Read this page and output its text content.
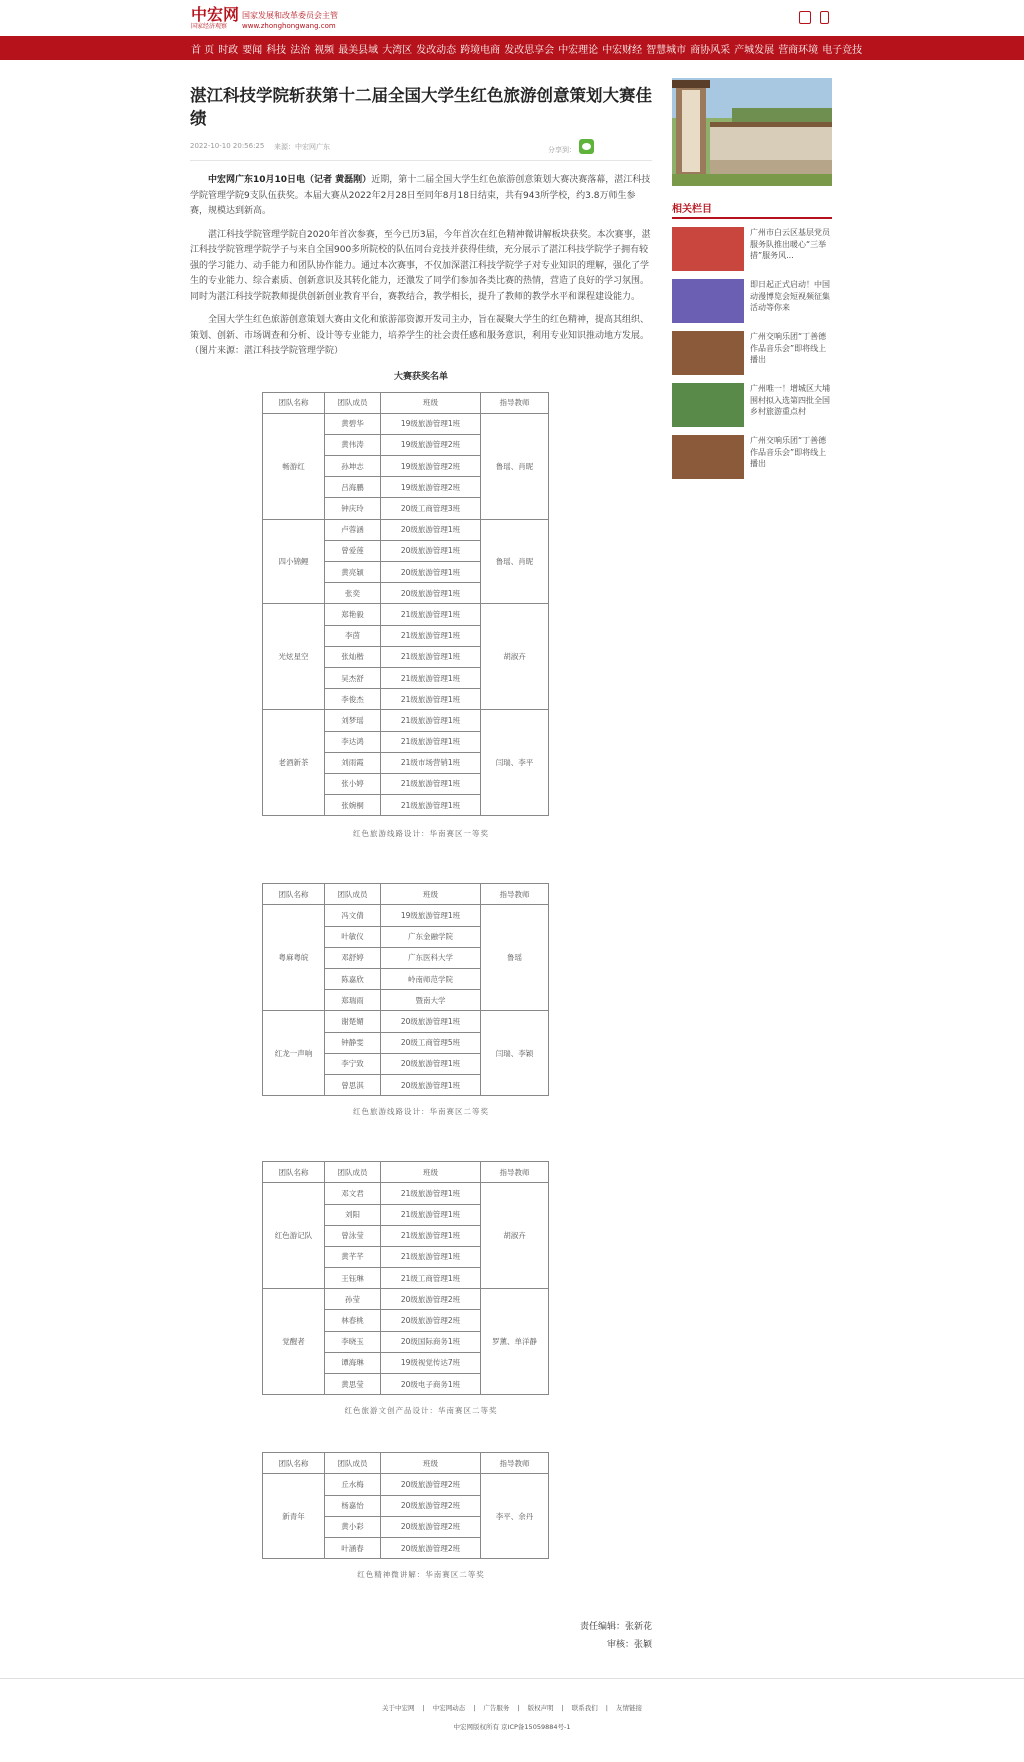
中宏网
国家经济观察
国家发展和改革委员会主管
www.zhonghongwang.com
首 页 时政 要闻 科技 法治 视频 最美县域 大湾区 发改动态 跨境电商 发改思享会 中宏理论 中宏财经 智慧城市 商协风采 产城发展 营商环境 电子竞技
湛江科技学院斩获第十二届全国大学生红色旅游创意策划大赛佳绩
2022-10-10 20:56:25 来源：中宏网广东	分享到：

中宏网广东10月10日电（记者 黄磊刚）近期，第十二届全国大学生红色旅游创意策划大赛决赛落幕，湛江科技学院管理学院9支队伍获奖。本届大赛从2022年2月28日至同年8月18日结束，共有943所学校，约3.8万师生参赛，规模达到新高。

湛江科技学院管理学院自2020年首次参赛，至今已历3届，今年首次在红色精神微讲解板块获奖。本次赛事，湛江科技学院管理学院学子与来自全国900多所院校的队伍同台竞技并获得佳绩，充分展示了湛江科技学院学子拥有较强的学习能力、动手能力和团队协作能力。通过本次赛事，不仅加深湛江科技学院学子对专业知识的理解，强化了学生的专业能力、综合素质、创新意识及其转化能力，还激发了同学们参加各类比赛的热情，营造了良好的学习氛围。同时为湛江科技学院教师提供创新创业教育平台，赛教结合，教学相长，提升了教师的教学水平和课程建设能力。

全国大学生红色旅游创意策划大赛由文化和旅游部资源开发司主办，旨在凝聚大学生的红色精神，提高其组织、策划、创新、市场调查和分析、设计等专业能力，培养学生的社会责任感和服务意识，利用专业知识推动地方发展。（图片来源：湛江科技学院管理学院）

大赛获奖名单
团队名称	团队成员	班级	指导教师
畅游红	黄碧华	19级旅游管理1班	鲁瑶、肖昵
	黄伟涛	19级旅游管理2班	
	孙坤志	19级旅游管理2班	
	吕海鹏	19级旅游管理2班	
	钟庆玲	20级工商管理3班	
四小锦鲤	卢蓉涵	20级旅游管理1班	鲁瑶、肖昵
	曾爱莲	20级旅游管理1班	
	黄亮颖	20级旅游管理1班	
	张奕	20级旅游管理1班	
光炫星空	郑艳毅	21级旅游管理1班	胡淑卉
	李茵	21级旅游管理1班	
	张灿楷	21级旅游管理1班	
	吴杰舒	21级旅游管理1班	
	李俊杰	21级旅游管理1班	
老酒新茶	刘梦瑶	21级旅游管理1班	闫瑞、李平
	李达鸿	21级旅游管理1班	
	刘雨霞	21级市场营销1班	
	张小婷	21级旅游管理1班	
	张婉桐	21级旅游管理1班	
红色旅游线路设计：华南赛区一等奖
团队名称	团队成员	班级	指导教师
粤麻粤皖	冯文倩	19级旅游管理1班	鲁瑶
	叶敏仪	广东金融学院	
	邓舒婷	广东医科大学	
	陈嘉欣	岭南师范学院	
	郑瑞雨	暨南大学	
红龙一声响	谢楚媚	20级旅游管理1班	闫瑞、李颖
	钟静雯	20级工商管理5班	
	李宁致	20级旅游管理1班	
	曾思淇	20级旅游管理1班	
红色旅游线路设计：华南赛区二等奖
团队名称	团队成员	班级	指导教师
红色游记队	邓文君	21级旅游管理1班	胡淑卉
	刘阳	21级旅游管理1班	
	曾泳莹	21级旅游管理1班	
	黄芊芊	21级旅游管理1班	
	王钰琳	21级工商管理1班	
觉醒者	孙莹	20级旅游管理2班	罗薰、单洋静
	林春桃	20级旅游管理2班	
	李晓玉	20级国际商务1班	
	谭海琳	19级视觉传达7班	
	黄思莹	20级电子商务1班	
红色旅游文创产品设计：华南赛区二等奖
团队名称	团队成员	班级	指导教师
新青年	丘水梅	20级旅游管理2班	李平、余丹
	杨嘉怡	20级旅游管理2班	
	黄小彩	20级旅游管理2班	
	叶涵春	20级旅游管理2班	
红色精神微讲解：华南赛区二等奖
责任编辑：张新花
审核：张颖
相关栏目
广州市白云区基层党员服务队推出暖心“三举措”服务风...
即日起正式启动！中国动漫博览会短视频征集活动等你来
广州交响乐团“丁善德作品音乐会”即将线上播出
广州唯一！增城区大埔围村拟入选第四批全国乡村旅游重点村
广州交响乐团“丁善德作品音乐会”即将线上播出
关于中宏网 | 中宏网动态 | 广告服务 | 版权声明 | 联系我们 | 友情链接
中宏网版权所有 京ICP备15059884号-1
